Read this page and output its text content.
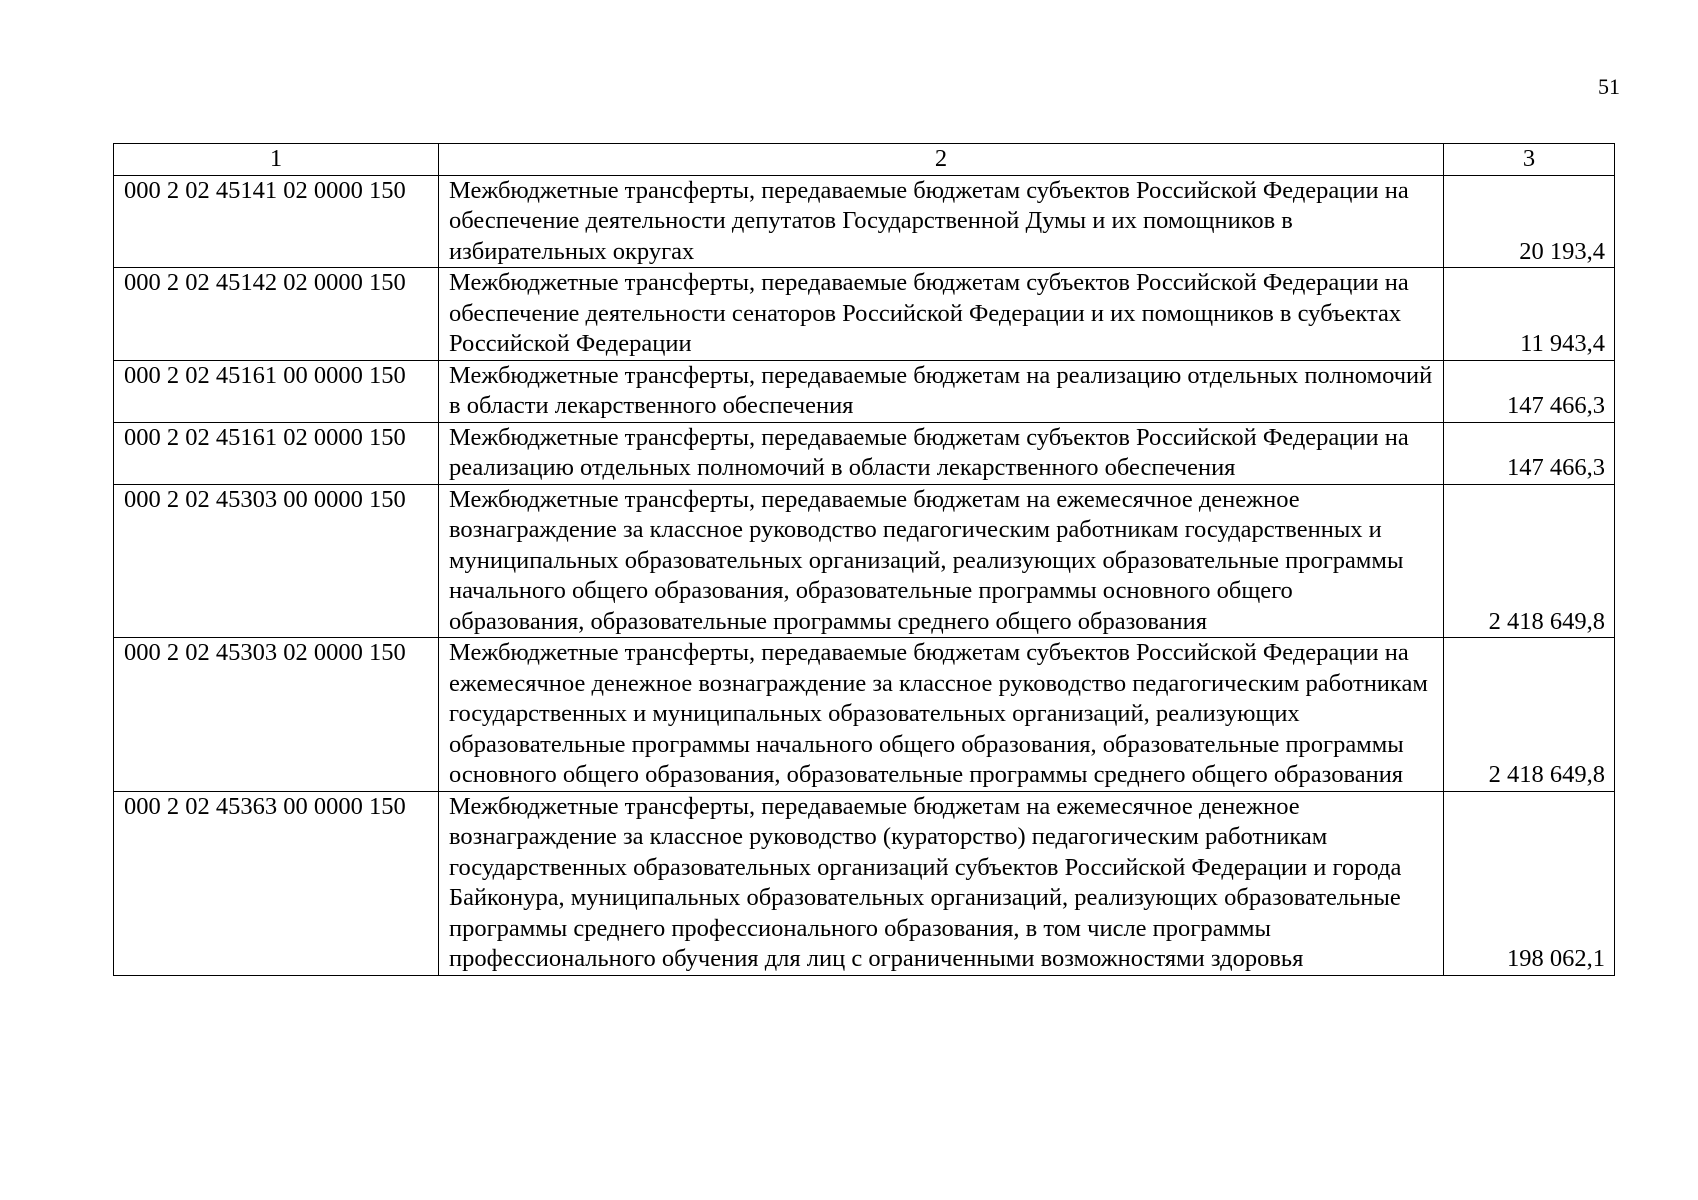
51
1	2	3
000 2 02 45141 02 0000 150	Межбюджетные трансферты, передаваемые бюджетам субъектов Российской Федерации на обеспечение деятельности депутатов Государственной Думы и их помощников в избирательных округах	20 193,4
000 2 02 45142 02 0000 150	Межбюджетные трансферты, передаваемые бюджетам субъектов Российской Федерации на обеспечение деятельности сенаторов Российской Федерации и их помощников в субъектах Российской Федерации	11 943,4
000 2 02 45161 00 0000 150	Межбюджетные трансферты, передаваемые бюджетам на реализацию отдельных полномочий в области лекарственного обеспечения	147 466,3
000 2 02 45161 02 0000 150	Межбюджетные трансферты, передаваемые бюджетам субъектов Российской Федерации на реализацию отдельных полномочий в области лекарственного обеспечения	147 466,3
000 2 02 45303 00 0000 150	Межбюджетные трансферты, передаваемые бюджетам на ежемесячное денежное вознаграждение за классное руководство педагогическим работникам государственных и муниципальных образовательных организаций, реализующих образовательные программы начального общего образования, образовательные программы основного общего образования, образовательные программы среднего общего образования	2 418 649,8
000 2 02 45303 02 0000 150	Межбюджетные трансферты, передаваемые бюджетам субъектов Российской Федерации на ежемесячное денежное вознаграждение за классное руководство педагогическим работникам государственных и муниципальных образовательных организаций, реализующих образовательные программы начального общего образования, образовательные программы основного общего образования, образовательные программы среднего общего образования	2 418 649,8
000 2 02 45363 00 0000 150	Межбюджетные трансферты, передаваемые бюджетам на ежемесячное денежное вознаграждение за классное руководство (кураторство) педагогическим работникам государственных образовательных организаций субъектов Российской Федерации и города Байконура, муниципальных образовательных организаций, реализующих образовательные программы среднего профессионального образования, в том числе программы профессионального обучения для лиц с ограниченными возможностями здоровья	198 062,1
